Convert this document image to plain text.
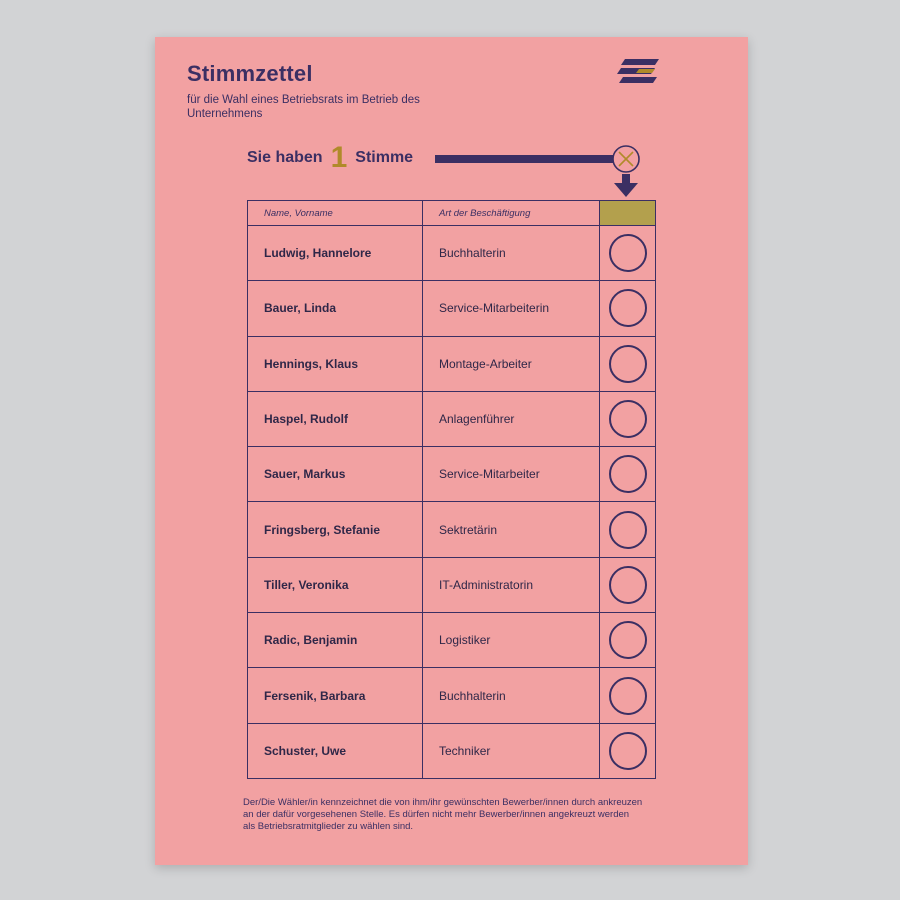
Stimmzettel

für die Wahl eines Betriebsrats im Betrieb des Unternehmens

Sie haben 1 Stimme
Name, Vorname	Art der Beschäftigung	
Ludwig, Hannelore	Buchhalterin	
Bauer, Linda	Service-Mitarbeiterin	
Hennings, Klaus	Montage-Arbeiter	
Haspel, Rudolf	Anlagenführer	
Sauer, Markus	Service-Mitarbeiter	
Fringsberg, Stefanie	Sektretärin	
Tiller, Veronika	IT-Administratorin	
Radic, Benjamin	Logistiker	
Fersenik, Barbara	Buchhalterin	
Schuster, Uwe	Techniker	

Der/Die Wähler/in kennzeichnet die von ihm/ihr gewünschten Bewerber/innen durch ankreuzen an der dafür vorgesehenen Stelle. Es dürfen nicht mehr Bewerber/innen angekreuzt werden als Betriebsratmitglieder zu wählen sind.
